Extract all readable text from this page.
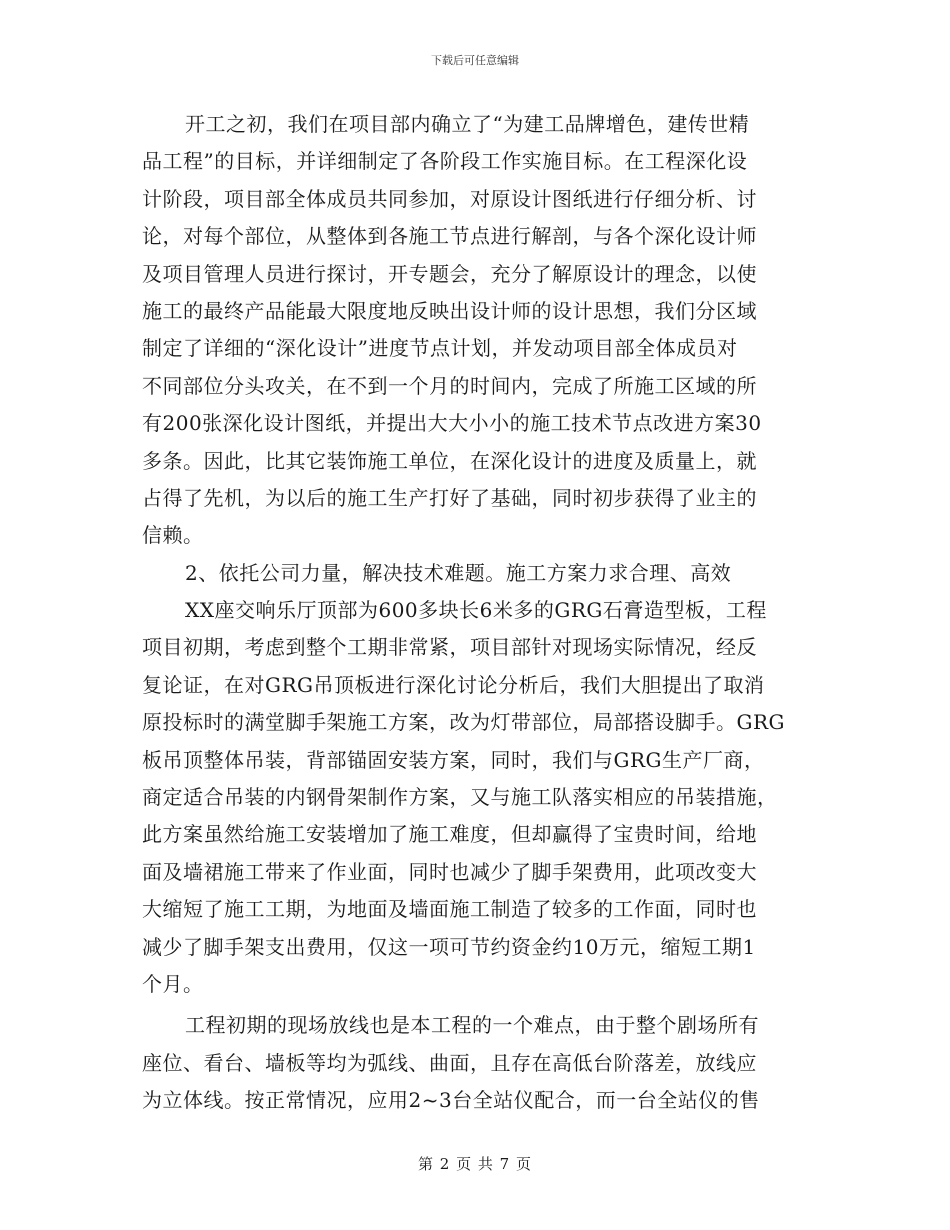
下载后可任意编辑
开工之初，我们在项目部内确立了“为建工品牌增色，建传世精
品工程”的目标，并详细制定了各阶段工作实施目标。在工程深化设
计阶段，项目部全体成员共同参加，对原设计图纸进行仔细分析、讨
论，对每个部位，从整体到各施工节点进行解剖，与各个深化设计师
及项目管理人员进行探讨，开专题会，充分了解原设计的理念，以使
施工的最终产品能最大限度地反映出设计师的设计思想，我们分区域
制定了详细的“深化设计”进度节点计划，并发动项目部全体成员对
不同部位分头攻关，在不到一个月的时间内，完成了所施工区域的所
有200张深化设计图纸，并提出大大小小的施工技术节点改进方案30
多条。因此，比其它装饰施工单位，在深化设计的进度及质量上，就
占得了先机，为以后的施工生产打好了基础，同时初步获得了业主的
信赖。
2、依托公司力量，解决技术难题。施工方案力求合理、高效
XX座交响乐厅顶部为600多块长6米多的GRG石膏造型板，工程
项目初期，考虑到整个工期非常紧，项目部针对现场实际情况，经反
复论证，在对GRG吊顶板进行深化讨论分析后，我们大胆提出了取消
原投标时的满堂脚手架施工方案，改为灯带部位，局部搭设脚手。GRG
板吊顶整体吊装，背部锚固安装方案，同时，我们与GRG生产厂商，
商定适合吊装的内钢骨架制作方案，又与施工队落实相应的吊装措施，
此方案虽然给施工安装增加了施工难度，但却赢得了宝贵时间，给地
面及墙裙施工带来了作业面，同时也减少了脚手架费用，此项改变大
大缩短了施工工期，为地面及墙面施工制造了较多的工作面，同时也
减少了脚手架支出费用，仅这一项可节约资金约10万元，缩短工期1
个月。
工程初期的现场放线也是本工程的一个难点，由于整个剧场所有
座位、看台、墙板等均为弧线、曲面，且存在高低台阶落差，放线应
为立体线。按正常情况，应用2~3台全站仪配合，而一台全站仪的售
第 2 页 共 7 页
